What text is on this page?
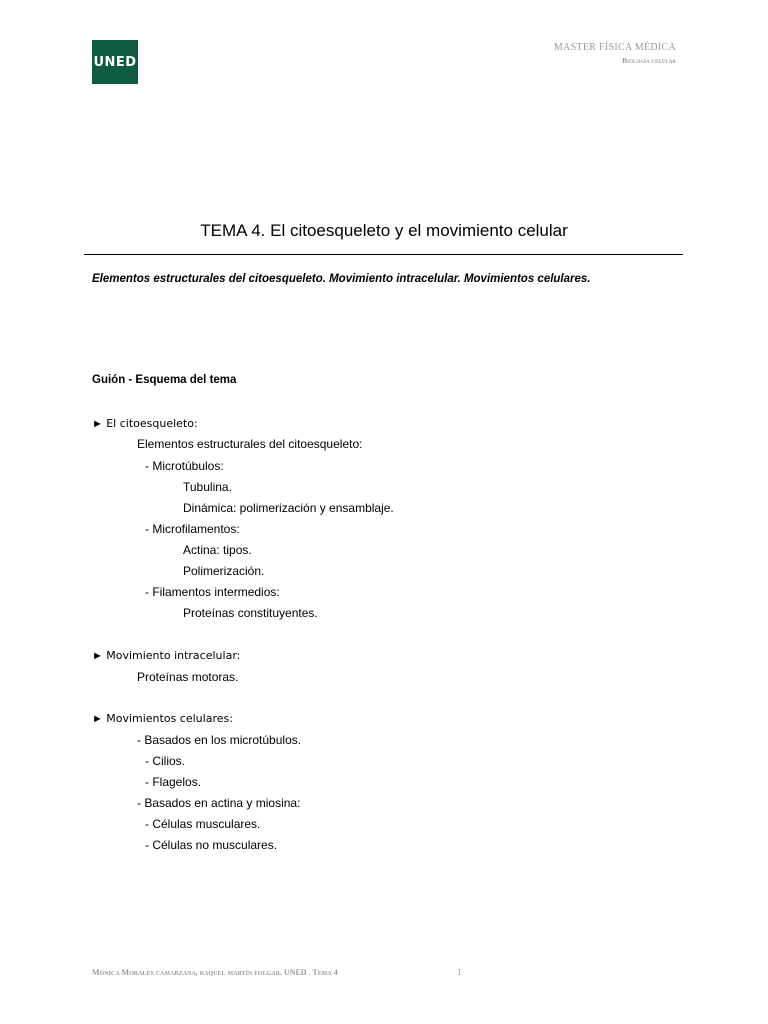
UNED
MASTER FÍSICA MÉDICA
Biología celular
TEMA 4. El citoesqueleto y el movimiento celular
Elementos estructurales del citoesqueleto. Movimiento intracelular. Movimientos celulares.
Guión - Esquema del tema
► El citoesqueleto:
Elementos estructurales del citoesqueleto:
- Microtúbulos:
Tubulina.
Dinámica: polimerización y ensamblaje.
- Microfilamentos:
Actina: tipos.
Polimerización.
- Filamentos intermedios:
Proteínas constituyentes.
► Movimiento intracelular:
Proteínas motoras.
► Movimientos celulares:
- Basados en los microtúbulos.
- Cilios.
- Flagelos.
- Basados en actina y miosina:
- Células musculares.
- Células no musculares.
Mónica Morales camarzana, raquel martín folgar. UNED . Tema 4	1
